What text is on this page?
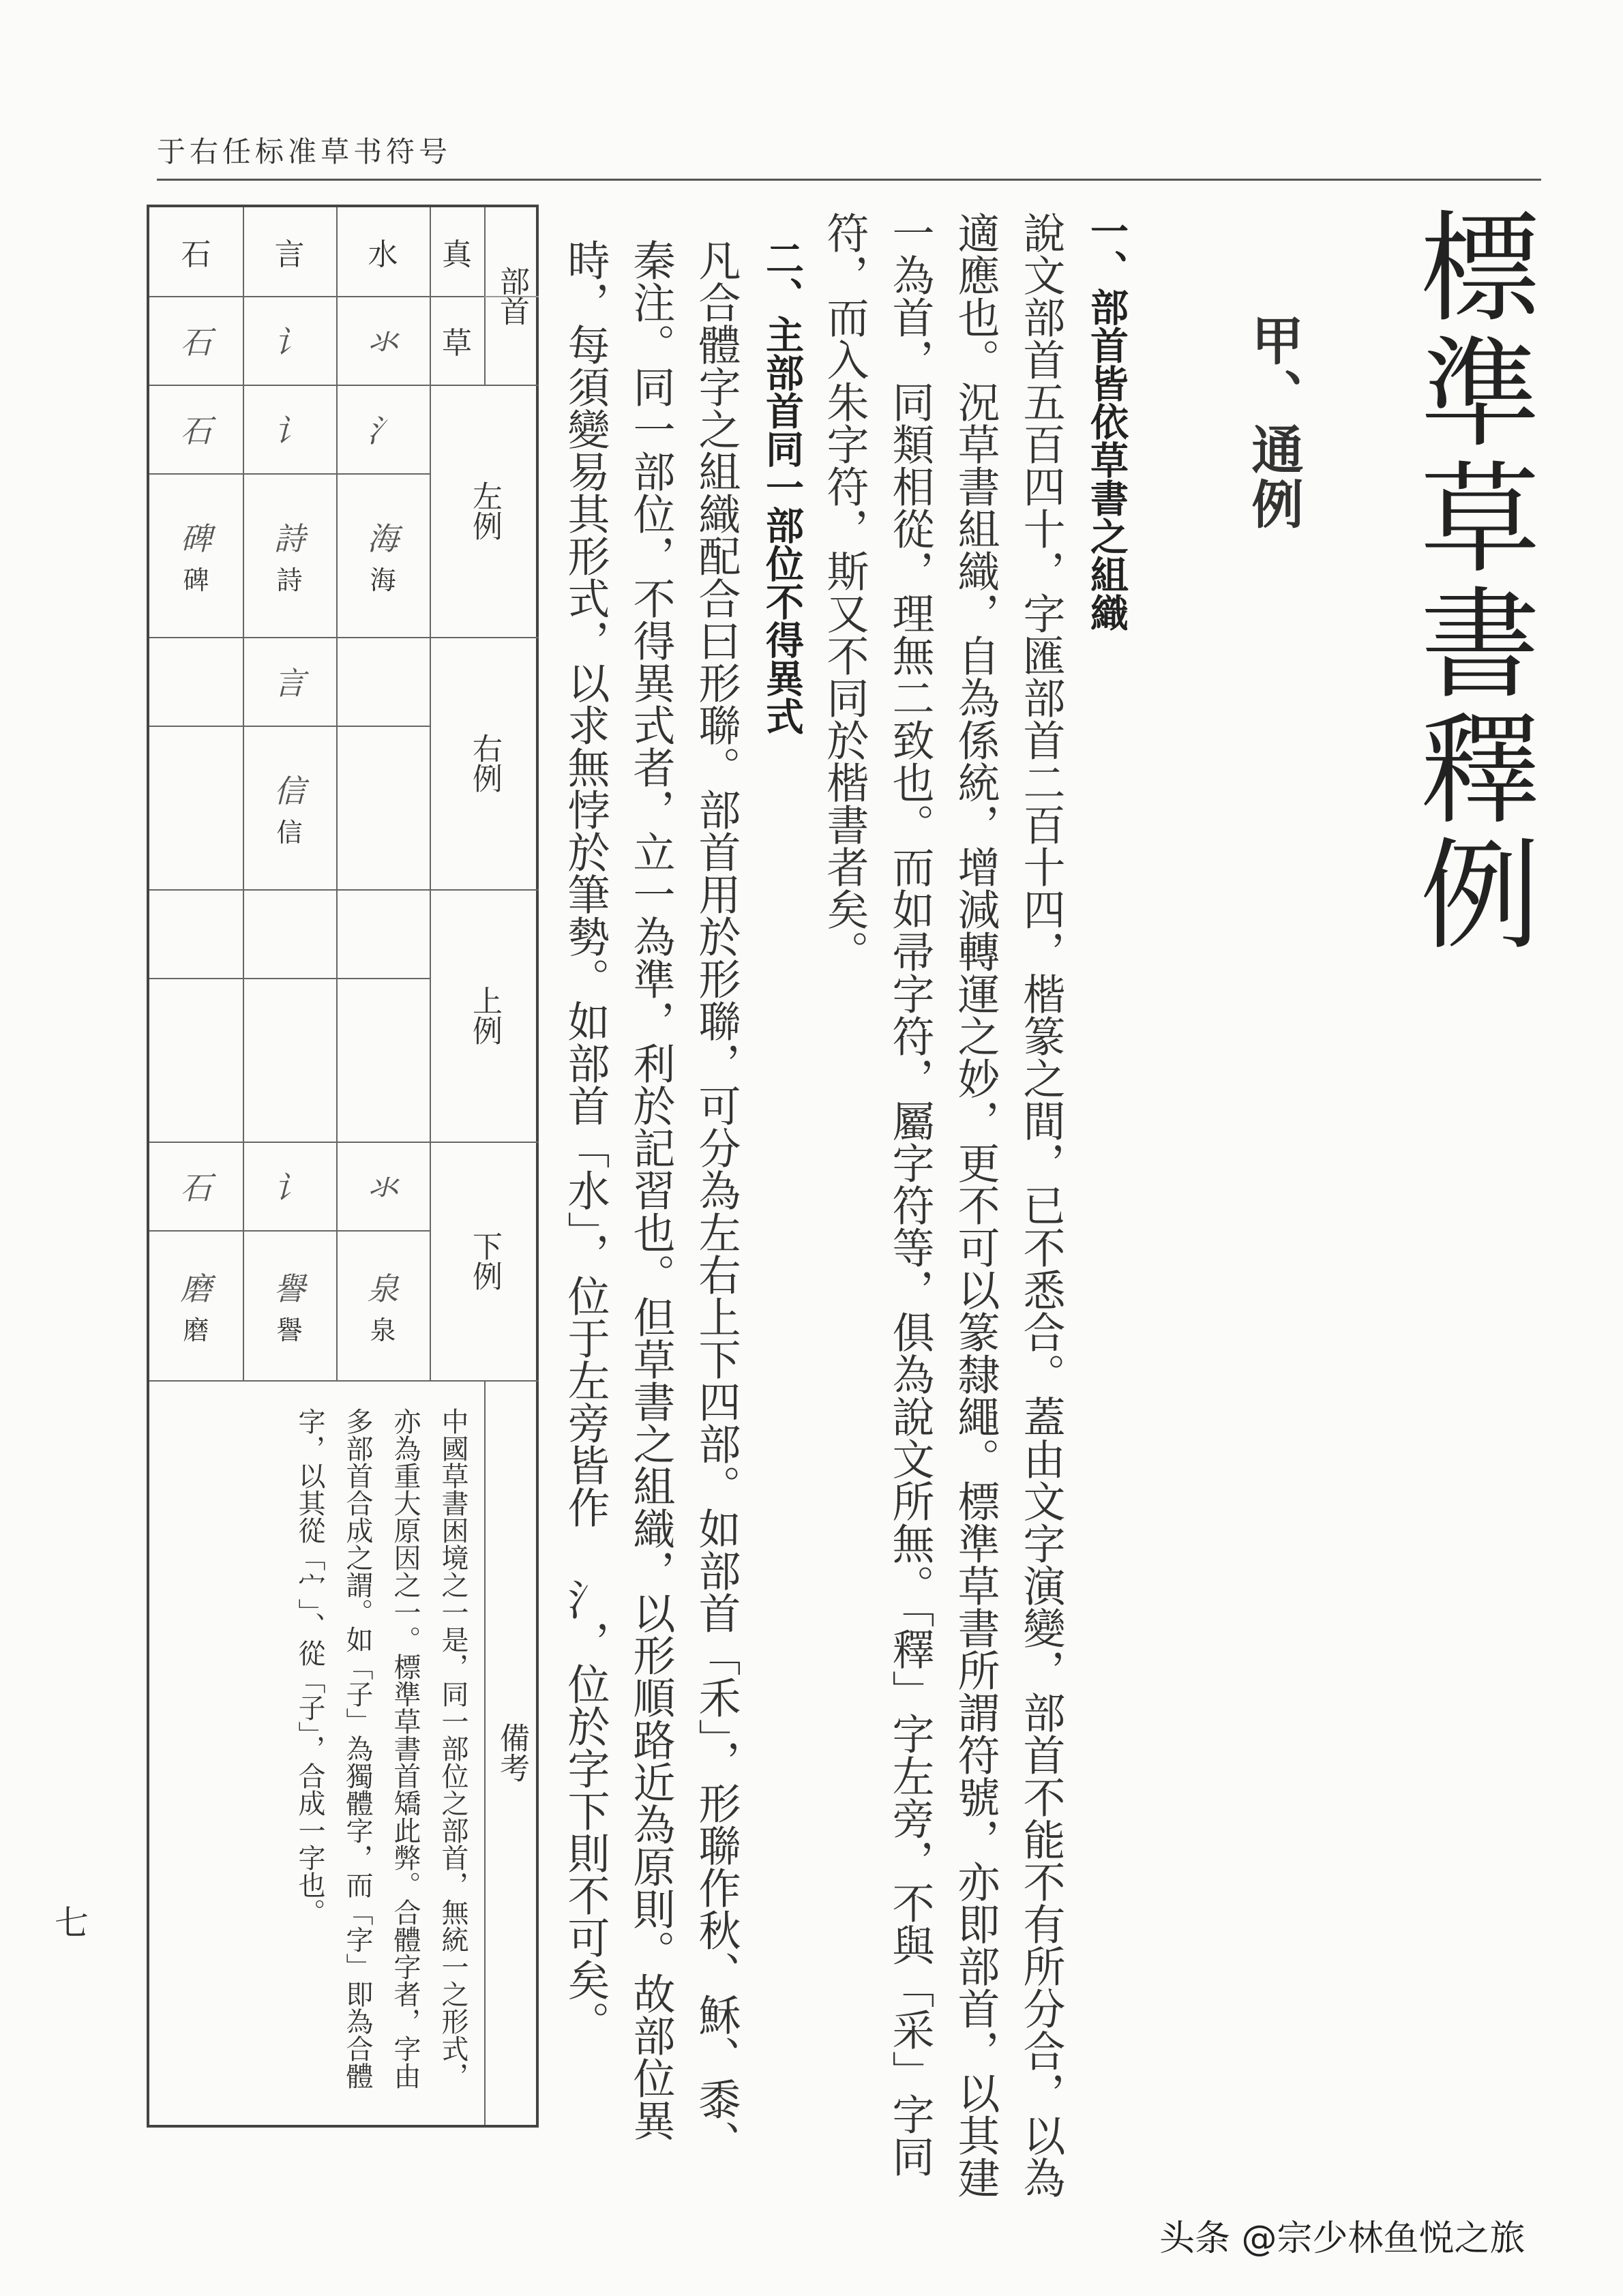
于右任标准草书符号
標準草書釋例
甲、通例
一、部首皆依草書之組織
說文部首五百四十，字匯部首二百十四，楷篆之間，已不悉合。蓋由文字演變，部首不能不有所分合，以為適應也。況草書組織，自為係統，增減轉運之妙，更不可以篆隸繩。標準草書所謂符號，亦即部首，以其建一為首，同類相從，理無二致也。而如帚字符，屬字符等，俱為說文所無。「釋」字左旁，不與「采」字同符，而入朱字符，斯又不同於楷書者矣。
二、主部首同一部位不得異式
凡合體字之組織配合曰形聯。部首用於形聯，可分為左右上下四部。如部首「禾」，形聯作秋、穌、黍、秦注。同一部位，不得異式者，立一為準，利於記習也。但草書之組織，以形順路近為原則。故部位異時，每須變易其形式，以求無悖於筆勢。如部首「水」，位于左旁皆作 氵，位於字下則不可矣。
部首
真
草
左例
右例
上例
下例
水
氺
氵
海
海
氺
泉
泉
言
讠
讠
詩
詩
言
信
信
讠
譽
譽
石
石
石
碑
碑
石
磨
磨
備考
中國草書困境之一是，同一部位之部首，無統一之形式，亦為重大原因之一。標準草書首矯此弊。合體字者，字由多部首合成之謂。如「子」為獨體字，而「字」即為合體字，以其從「宀」、從「子」，合成一字也。
七
头条 @宗少林鱼悦之旅
